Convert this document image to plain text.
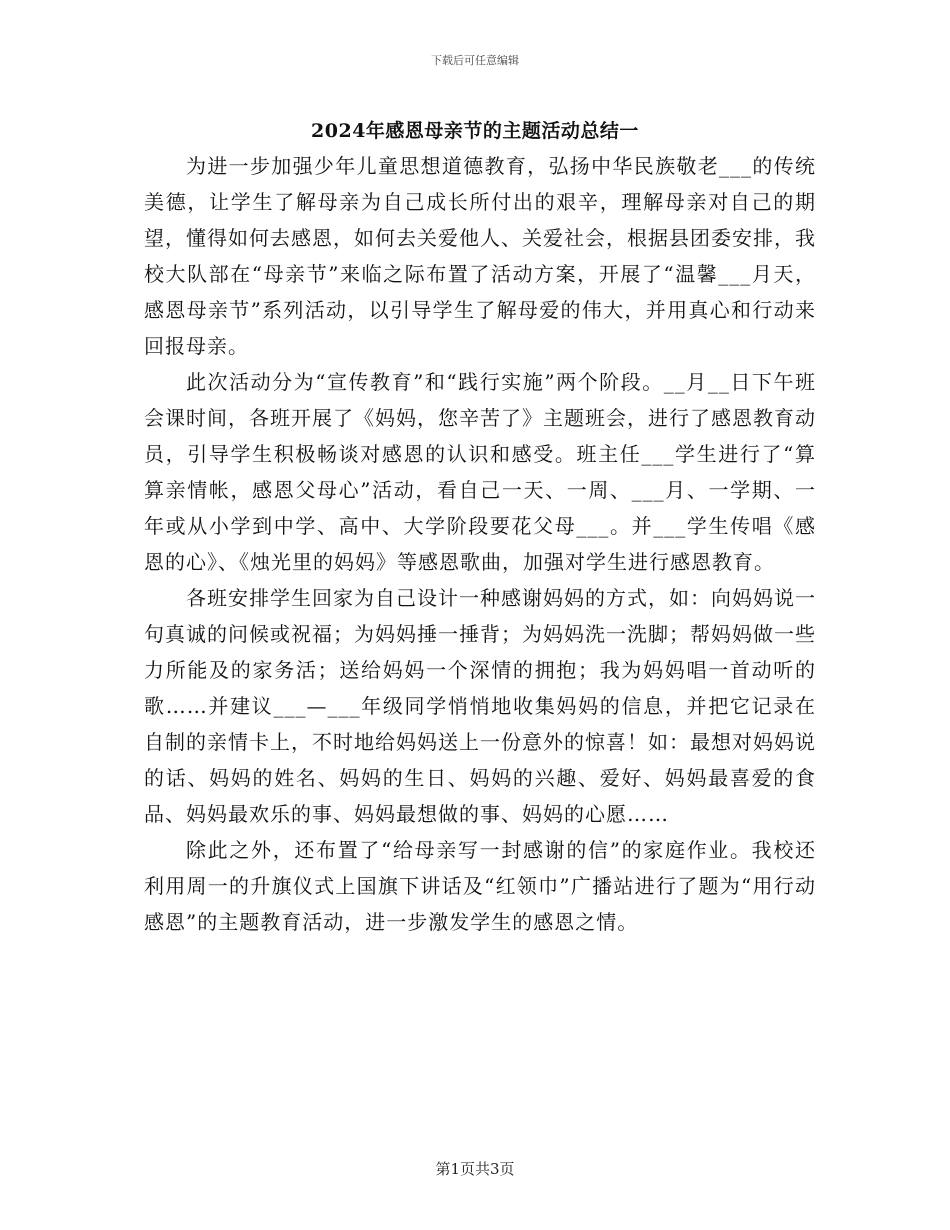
下载后可任意编辑
2024年感恩母亲节的主题活动总结一

为进一步加强少年儿童思想道德教育，弘扬中华民族敬老___的传统美德，让学生了解母亲为自己成长所付出的艰辛，理解母亲对自己的期望，懂得如何去感恩，如何去关爱他人、关爱社会，根据县团委安排，我校大队部在“母亲节”来临之际布置了活动方案，开展了“温馨___月天，感恩母亲节”系列活动，以引导学生了解母爱的伟大，并用真心和行动来回报母亲。

此次活动分为“宣传教育”和“践行实施”两个阶段。__月__日下午班会课时间，各班开展了《妈妈，您辛苦了》主题班会，进行了感恩教育动员，引导学生积极畅谈对感恩的认识和感受。班主任___学生进行了“算算亲情帐，感恩父母心”活动，看自己一天、一周、___月、一学期、一年或从小学到中学、高中、大学阶段要花父母___。并___学生传唱《感恩的心》、《烛光里的妈妈》等感恩歌曲，加强对学生进行感恩教育。

各班安排学生回家为自己设计一种感谢妈妈的方式，如：向妈妈说一句真诚的问候或祝福；为妈妈捶一捶背；为妈妈洗一洗脚；帮妈妈做一些力所能及的家务活；送给妈妈一个深情的拥抱；我为妈妈唱一首动听的歌……并建议___—___年级同学悄悄地收集妈妈的信息，并把它记录在自制的亲情卡上，不时地给妈妈送上一份意外的惊喜！如：最想对妈妈说的话、妈妈的姓名、妈妈的生日、妈妈的兴趣、爱好、妈妈最喜爱的食品、妈妈最欢乐的事、妈妈最想做的事、妈妈的心愿……

除此之外，还布置了“给母亲写一封感谢的信”的家庭作业。我校还利用周一的升旗仪式上国旗下讲话及“红领巾”广播站进行了题为“用行动感恩”的主题教育活动，进一步激发学生的感恩之情。

第1页共3页
